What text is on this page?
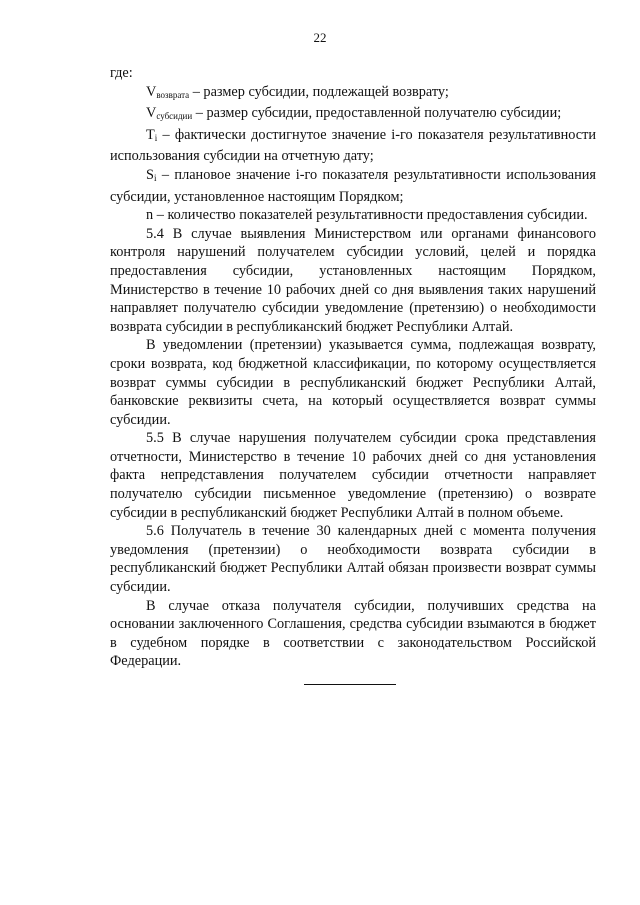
22

где:

$V_{возврата}$ – размер субсидии, подлежащей возврату;

$V_{субсидии}$ – размер субсидии, предоставленной получателю субсидии;

$T_i$ – фактически достигнутое значение i-го показателя результативности использования субсидии на отчетную дату;

$S_i$ – плановое значение i-го показателя результативности использования субсидии, установленное настоящим Порядком;

n – количество показателей результативности предоставления субсидии.

5.4 В случае выявления Министерством или органами финансового контроля нарушений получателем субсидии условий, целей и порядка предоставления субсидии, установленных настоящим Порядком, Министерство в течение 10 рабочих дней со дня выявления таких нарушений направляет получателю субсидии уведомление (претензию) о необходимости возврата субсидии в республиканский бюджет Республики Алтай.

В уведомлении (претензии) указывается сумма, подлежащая возврату, сроки возврата, код бюджетной классификации, по которому осуществляется возврат суммы субсидии в республиканский бюджет Республики Алтай, банковские реквизиты счета, на который осуществляется возврат суммы субсидии.

5.5 В случае нарушения получателем субсидии срока представления отчетности, Министерство в течение 10 рабочих дней со дня установления факта непредставления получателем субсидии отчетности направляет получателю субсидии письменное уведомление (претензию) о возврате субсидии в республиканский бюджет Республики Алтай в полном объеме.

5.6 Получатель в течение 30 календарных дней с момента получения уведомления (претензии) о необходимости возврата субсидии в республиканский бюджет Республики Алтай обязан произвести возврат суммы субсидии.

В случае отказа получателя субсидии, получивших средства на основании заключенного Соглашения, средства субсидии взымаются в бюджет в судебном порядке в соответствии с законодательством Российской Федерации.
